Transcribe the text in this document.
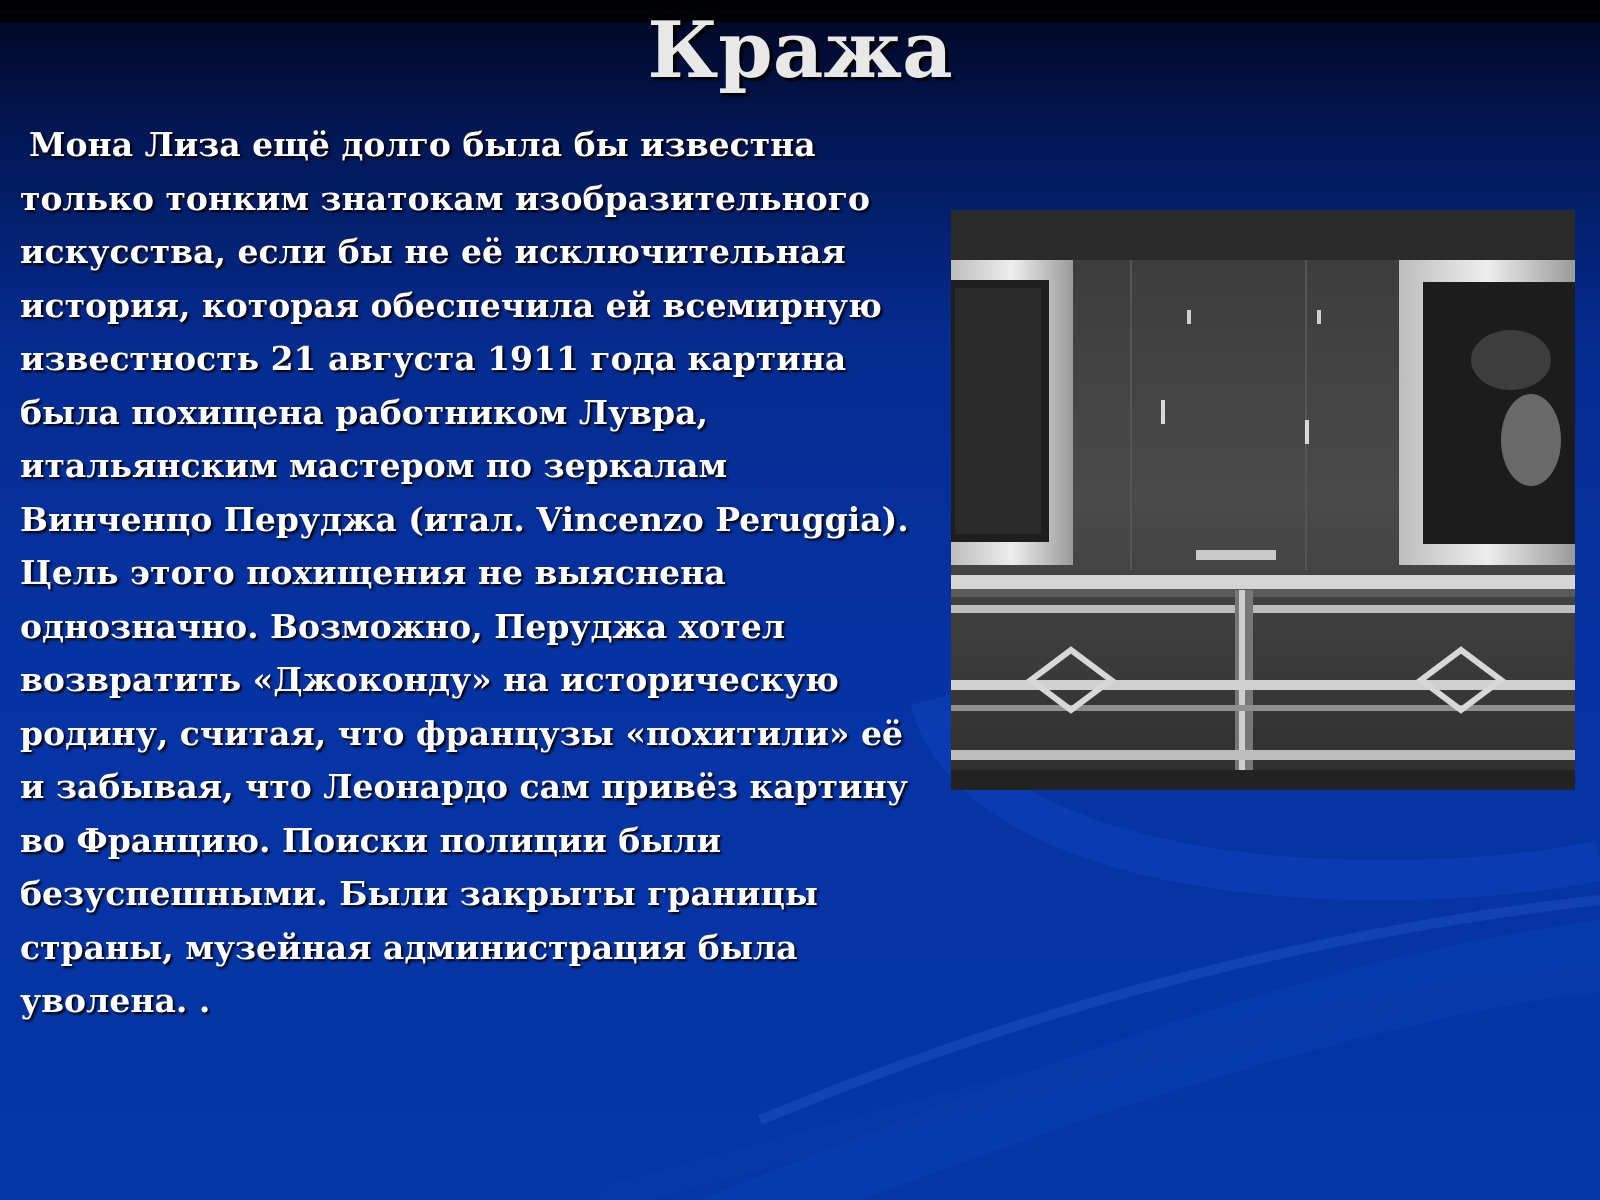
Кража

Мона Лиза ещё долго была бы известна только тонким знатокам изобразительного искусства, если бы не её исключительная история, которая обеспечила ей всемирную известность 21 августа 1911 года картина была похищена работником Лувра, итальянским мастером по зеркалам Винченцо Перуджа (итал. Vincenzo Peruggia). Цель этого похищения не выяснена однозначно. Возможно, Перуджа хотел возвратить «Джоконду» на историческую родину, считая, что французы «похитили» её и забывая, что Леонардо сам привёз картину во Францию. Поиски полиции были безуспешными. Были закрыты границы страны, музейная администрация была уволена. .
